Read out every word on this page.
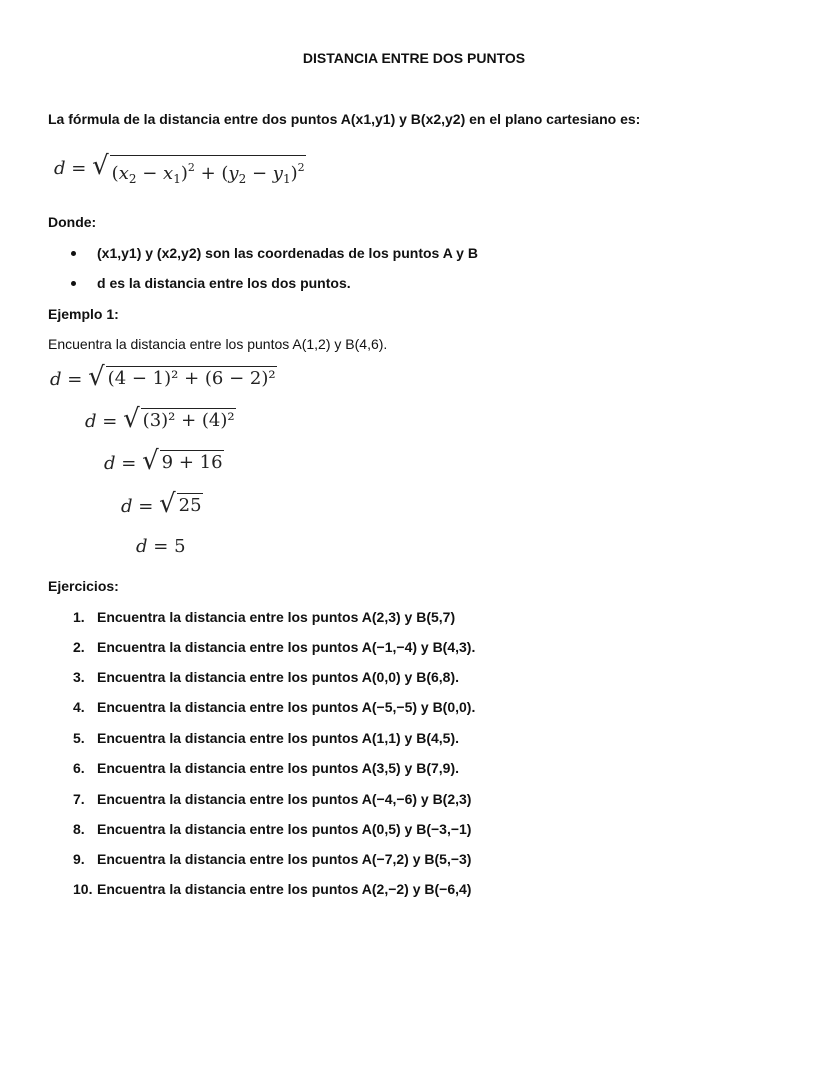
DISTANCIA ENTRE DOS PUNTOS
La fórmula de la distancia entre dos puntos A(x1,y1) y B(x2,y2) en el plano cartesiano es:
d = √ $(x_2 - x_1)^2 + (y_2 - y_1)^2$
Donde:
(x1,y1) y (x2,y2) son las coordenadas de los puntos A y B
d es la distancia entre los dos puntos.
Ejemplo 1:
Encuentra la distancia entre los puntos A(1,2) y B(4,6).
d = √ (4 − 1)² + (6 − 2)²
d = √ (3)² + (4)²
d = √ 9 + 16
d = √ 25
d = 5
Ejercicios:
1. Encuentra la distancia entre los puntos A(2,3) y B(5,7)
2. Encuentra la distancia entre los puntos A(−1,−4) y B(4,3).
3. Encuentra la distancia entre los puntos A(0,0) y B(6,8).
4. Encuentra la distancia entre los puntos A(−5,−5) y B(0,0).
5. Encuentra la distancia entre los puntos A(1,1) y B(4,5).
6. Encuentra la distancia entre los puntos A(3,5) y B(7,9).
7. Encuentra la distancia entre los puntos A(−4,−6) y B(2,3)
8. Encuentra la distancia entre los puntos A(0,5) y B(−3,−1)
9. Encuentra la distancia entre los puntos A(−7,2) y B(5,−3)
10. Encuentra la distancia entre los puntos A(2,−2) y B(−6,4)
